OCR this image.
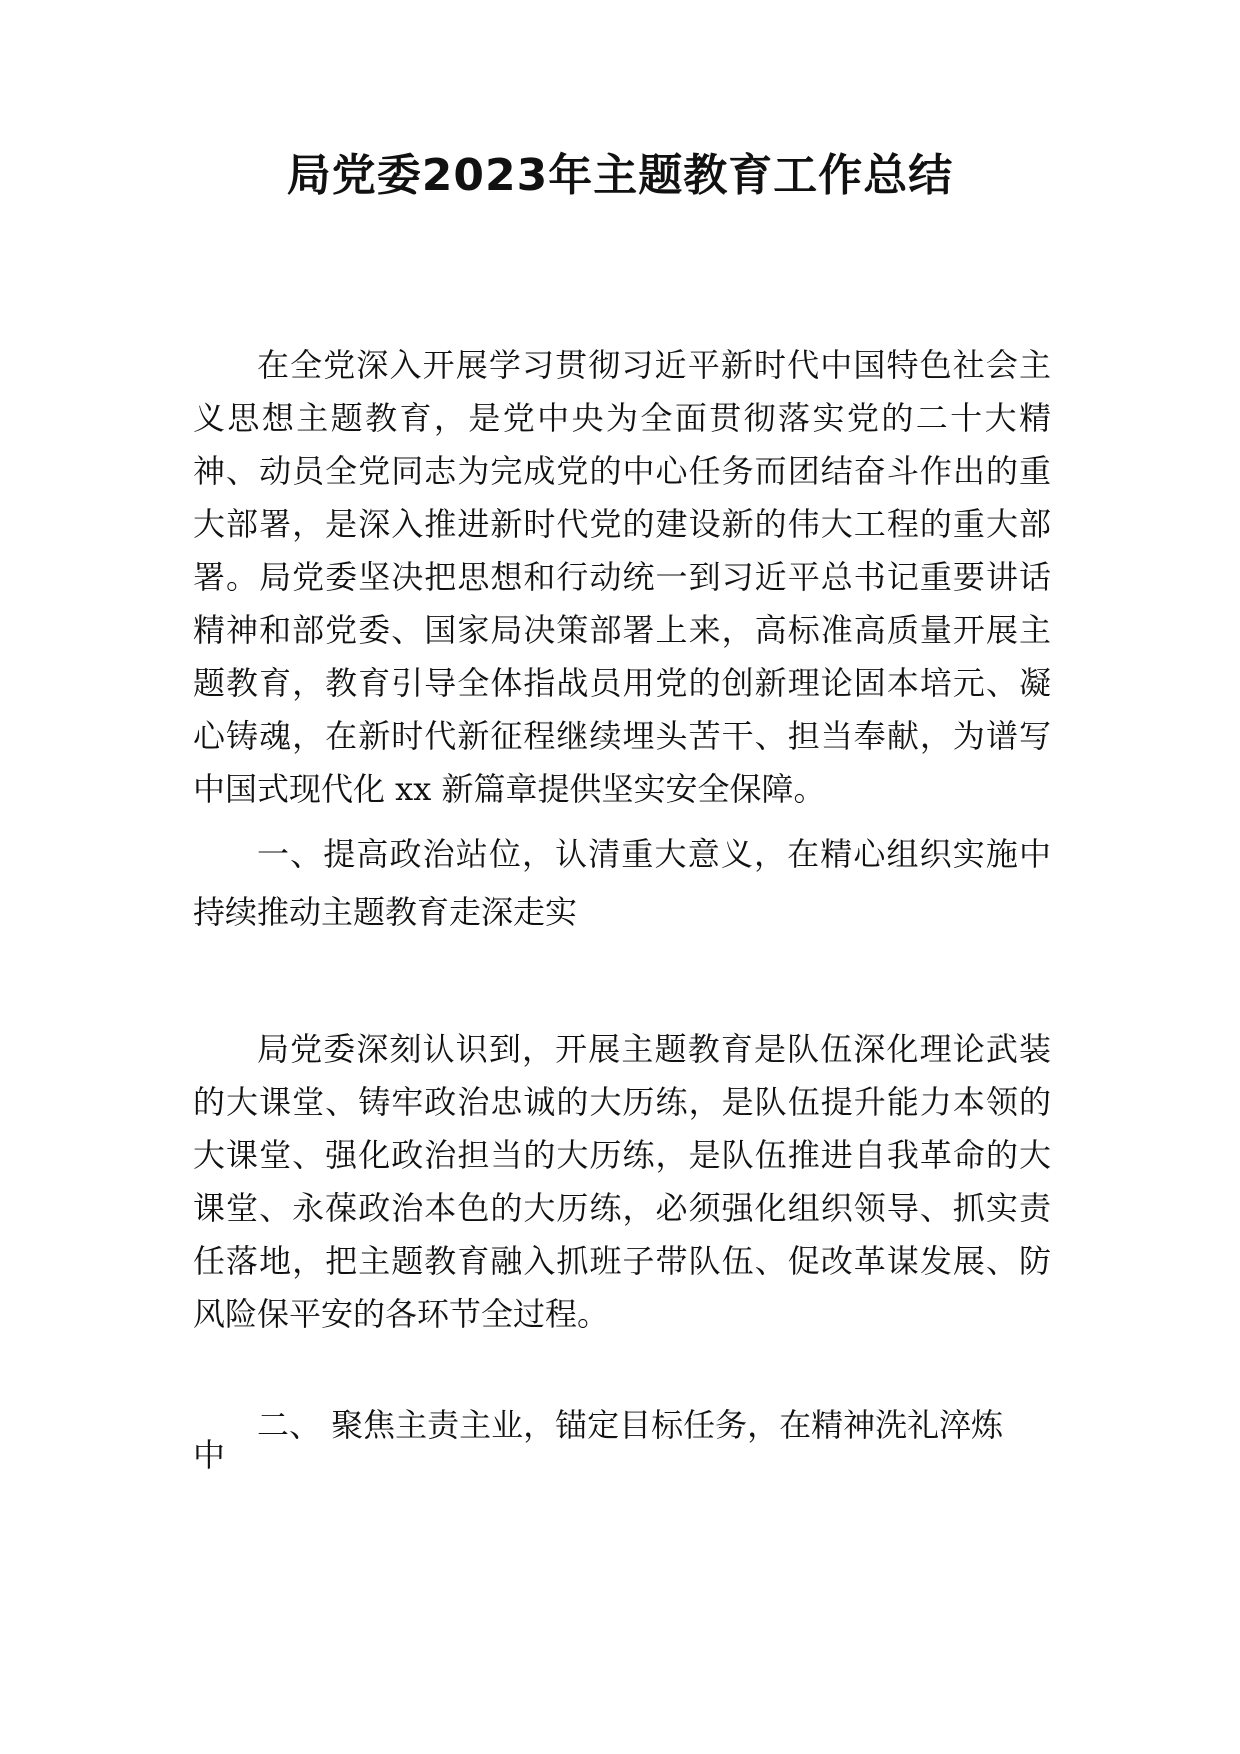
局党委2023年主题教育工作总结

在全党深入开展学习贯彻习近平新时代中国特色社会主义思想主题教育，是党中央为全面贯彻落实党的二十大精神、动员全党同志为完成党的中心任务而团结奋斗作出的重大部署，是深入推进新时代党的建设新的伟大工程的重大部署。局党委坚决把思想和行动统一到习近平总书记重要讲话精神和部党委、国家局决策部署上来，高标准高质量开展主题教育，教育引导全体指战员用党的创新理论固本培元、凝心铸魂，在新时代新征程继续埋头苦干、担当奉献，为谱写中国式现代化 xx 新篇章提供坚实安全保障。

一、提高政治站位，认清重大意义，在精心组织实施中持续推动主题教育走深走实

局党委深刻认识到，开展主题教育是队伍深化理论武装的大课堂、铸牢政治忠诚的大历练，是队伍提升能力本领的大课堂、强化政治担当的大历练，是队伍推进自我革命的大课堂、永葆政治本色的大历练，必须强化组织领导、抓实责任落地，把主题教育融入抓班子带队伍、促改革谋发展、防风险保平安的各环节全过程。

二、 聚焦主责主业，锚定目标任务，在精神洗礼淬炼中
